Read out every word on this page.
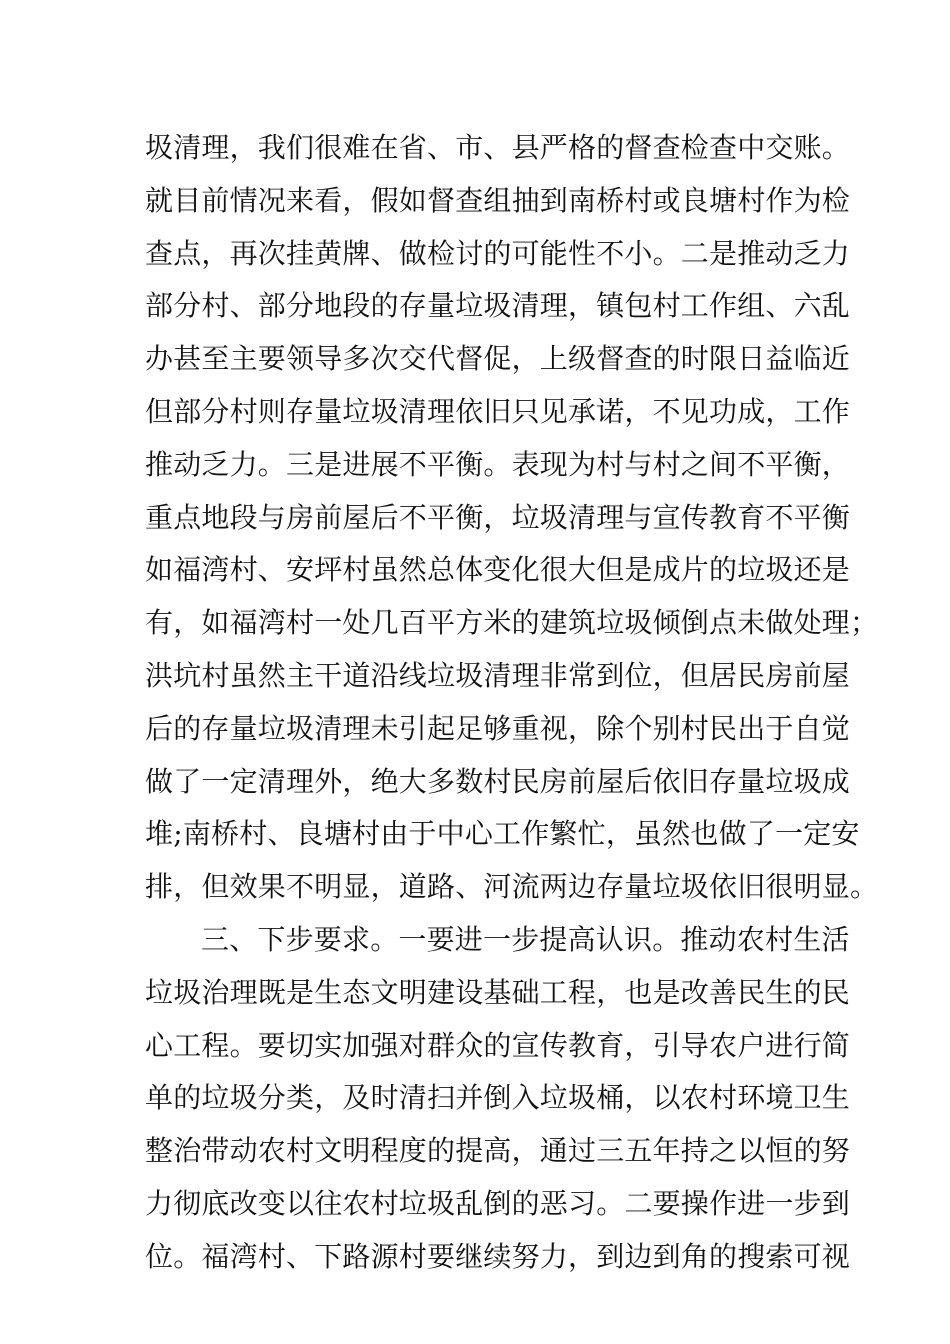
圾清理，我们很难在省、市、县严格的督查检查中交账。
就目前情况来看，假如督查组抽到南桥村或良塘村作为检
查点，再次挂黄牌、做检讨的可能性不小。二是推动乏力
部分村、部分地段的存量垃圾清理，镇包村工作组、六乱
办甚至主要领导多次交代督促，上级督查的时限日益临近
但部分村则存量垃圾清理依旧只见承诺，不见功成，工作
推动乏力。三是进展不平衡。表现为村与村之间不平衡，
重点地段与房前屋后不平衡，垃圾清理与宣传教育不平衡
如福湾村、安坪村虽然总体变化很大但是成片的垃圾还是
有，如福湾村一处几百平方米的建筑垃圾倾倒点未做处理；
洪坑村虽然主干道沿线垃圾清理非常到位，但居民房前屋
后的存量垃圾清理未引起足够重视，除个别村民出于自觉
做了一定清理外，绝大多数村民房前屋后依旧存量垃圾成
堆;南桥村、良塘村由于中心工作繁忙，虽然也做了一定安
排，但效果不明显，道路、河流两边存量垃圾依旧很明显。
三、下步要求。一要进一步提高认识。推动农村生活
垃圾治理既是生态文明建设基础工程，也是改善民生的民
心工程。要切实加强对群众的宣传教育，引导农户进行简
单的垃圾分类，及时清扫并倒入垃圾桶，以农村环境卫生
整治带动农村文明程度的提高，通过三五年持之以恒的努
力彻底改变以往农村垃圾乱倒的恶习。二要操作进一步到
位。福湾村、下路源村要继续努力，到边到角的搜索可视
